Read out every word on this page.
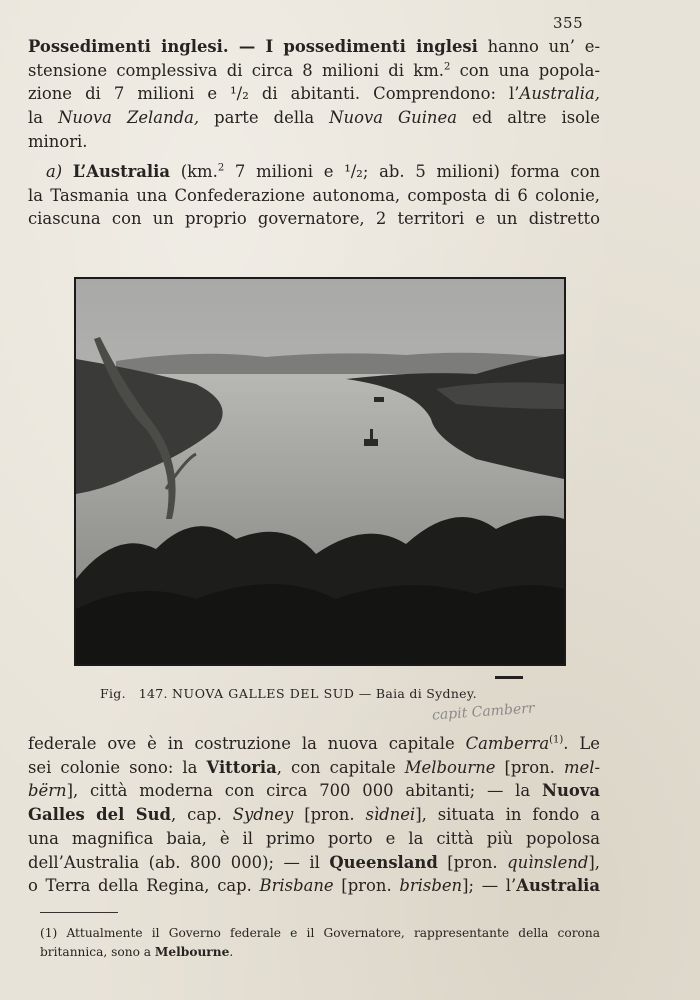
355
Possedimenti inglesi. — I possedimenti inglesi hanno un’ e-
stensione complessiva di circa 8 milioni di km.$^2$ con una popola-
zione di 7 milioni e ¹/₂ di abitanti. Comprendono: l’Australia,
la Nuova Zelanda, parte della Nuova Guinea ed altre isole
minori.
a) L’Australia (km.$^2$ 7 milioni e ¹/₂; ab. 5 milioni) forma con
la Tasmania una Confederazione autonoma, composta di 6 colonie,
ciascuna con un proprio governatore, 2 territori e un distretto
Fig. 147. NUOVA GALLES DEL SUD — Baia di Sydney.
capit Camberr
federale ove è in costruzione la nuova capitale Camberra$^{(1)}$. Le
sei colonie sono: la Vittoria, con capitale Melbourne [pron. mel-
bërn], città moderna con circa 700 000 abitanti; — la Nuova
Galles del Sud, cap. Sydney [pron. sìdnei], situata in fondo a
una magnifica baia, è il primo porto e la città più popolosa
dell’Australia (ab. 800 000); — il Queensland [pron. quìnslend],
o Terra della Regina, cap. Brisbane [pron. brisben]; — l’Australia
(1) Attualmente il Governo federale e il Governatore, rappresentante della corona
britannica, sono a Melbourne.
